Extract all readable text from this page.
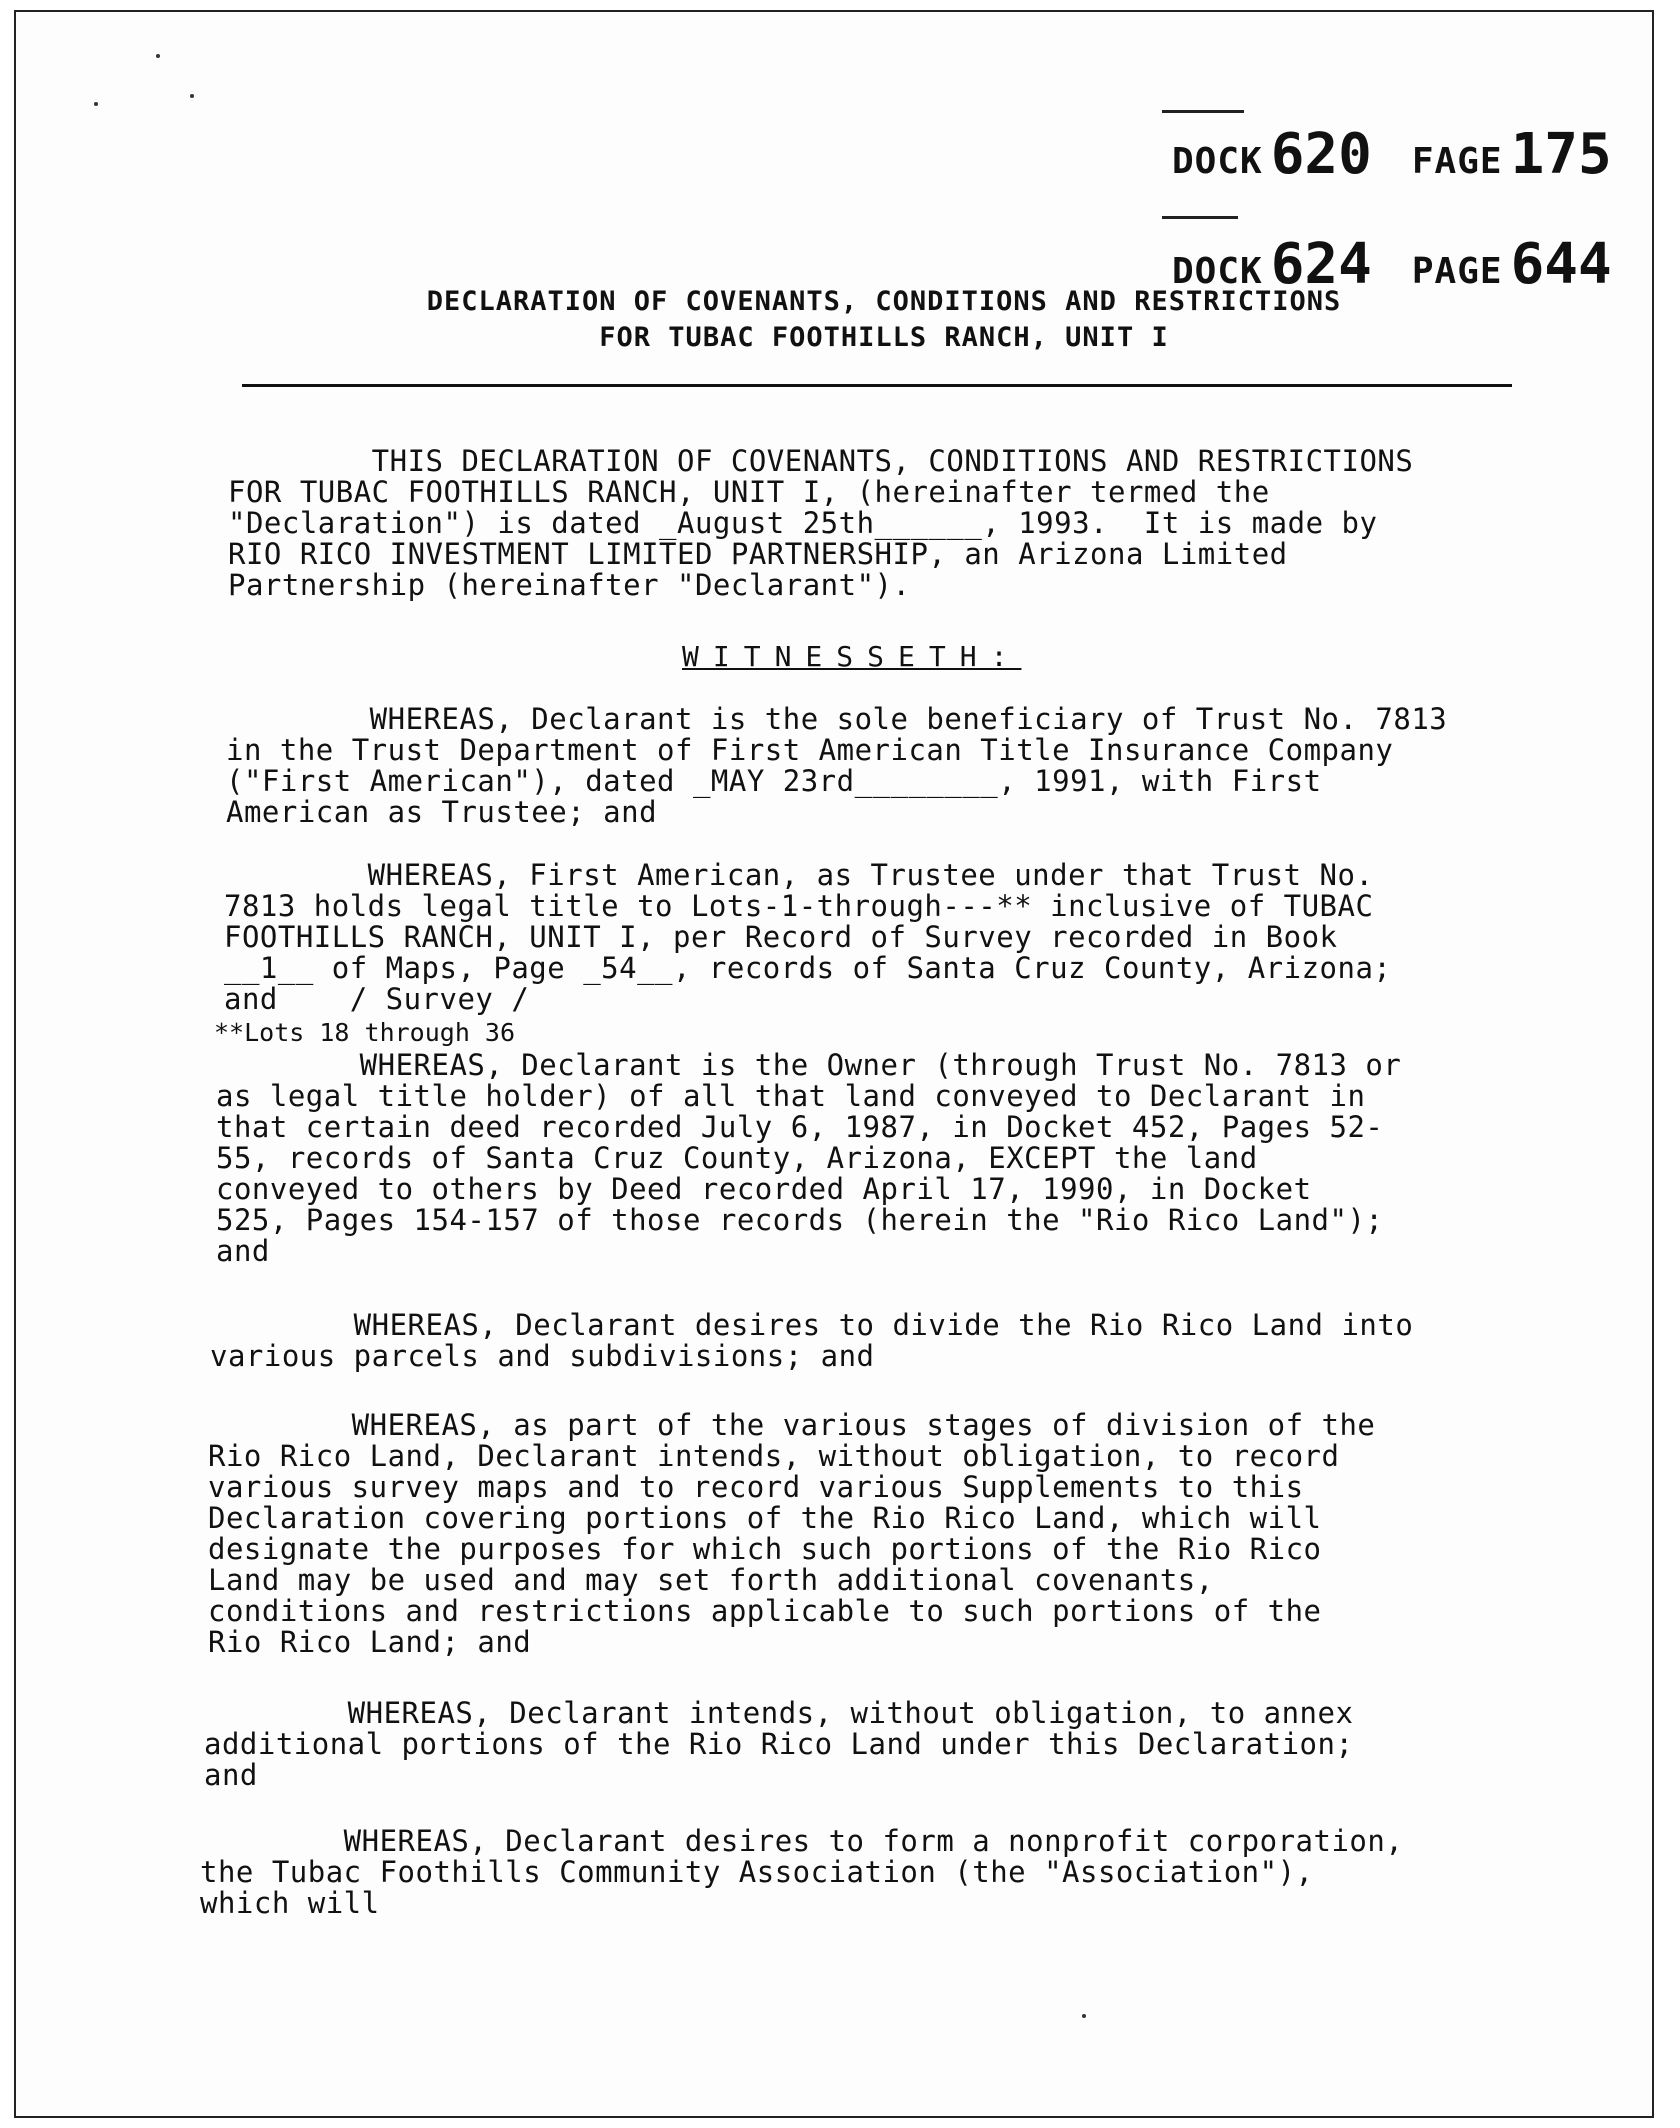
DOCK 620 FAGE 175
DOCK 624 PAGE 644
DECLARATION OF COVENANTS, CONDITIONS AND RESTRICTIONS
FOR TUBAC FOOTHILLS RANCH, UNIT I
THIS DECLARATION OF COVENANTS, CONDITIONS AND RESTRICTIONS
FOR TUBAC FOOTHILLS RANCH, UNIT I, (hereinafter termed the
"Declaration") is dated _August 25th______, 1993.  It is made by
RIO RICO INVESTMENT LIMITED PARTNERSHIP, an Arizona Limited
Partnership (hereinafter "Declarant").
WITNESSETH:
WHEREAS, Declarant is the sole beneficiary of Trust No. 7813
in the Trust Department of First American Title Insurance Company
("First American"), dated _MAY 23rd________, 1991, with First
American as Trustee; and
WHEREAS, First American, as Trustee under that Trust No.
7813 holds legal title to Lots-1-through---** inclusive of TUBAC
FOOTHILLS RANCH, UNIT I, per Record of Survey recorded in Book
__1__ of Maps, Page _54__, records of Santa Cruz County, Arizona;
and    / Survey /
**Lots 18 through 36
WHEREAS, Declarant is the Owner (through Trust No. 7813 or
as legal title holder) of all that land conveyed to Declarant in
that certain deed recorded July 6, 1987, in Docket 452, Pages 52-
55, records of Santa Cruz County, Arizona, EXCEPT the land
conveyed to others by Deed recorded April 17, 1990, in Docket
525, Pages 154-157 of those records (herein the "Rio Rico Land");
and
WHEREAS, Declarant desires to divide the Rio Rico Land into
various parcels and subdivisions; and
WHEREAS, as part of the various stages of division of the
Rio Rico Land, Declarant intends, without obligation, to record
various survey maps and to record various Supplements to this
Declaration covering portions of the Rio Rico Land, which will
designate the purposes for which such portions of the Rio Rico
Land may be used and may set forth additional covenants,
conditions and restrictions applicable to such portions of the
Rio Rico Land; and
WHEREAS, Declarant intends, without obligation, to annex
additional portions of the Rio Rico Land under this Declaration;
and
WHEREAS, Declarant desires to form a nonprofit corporation,
the Tubac Foothills Community Association (the "Association"),
which will
